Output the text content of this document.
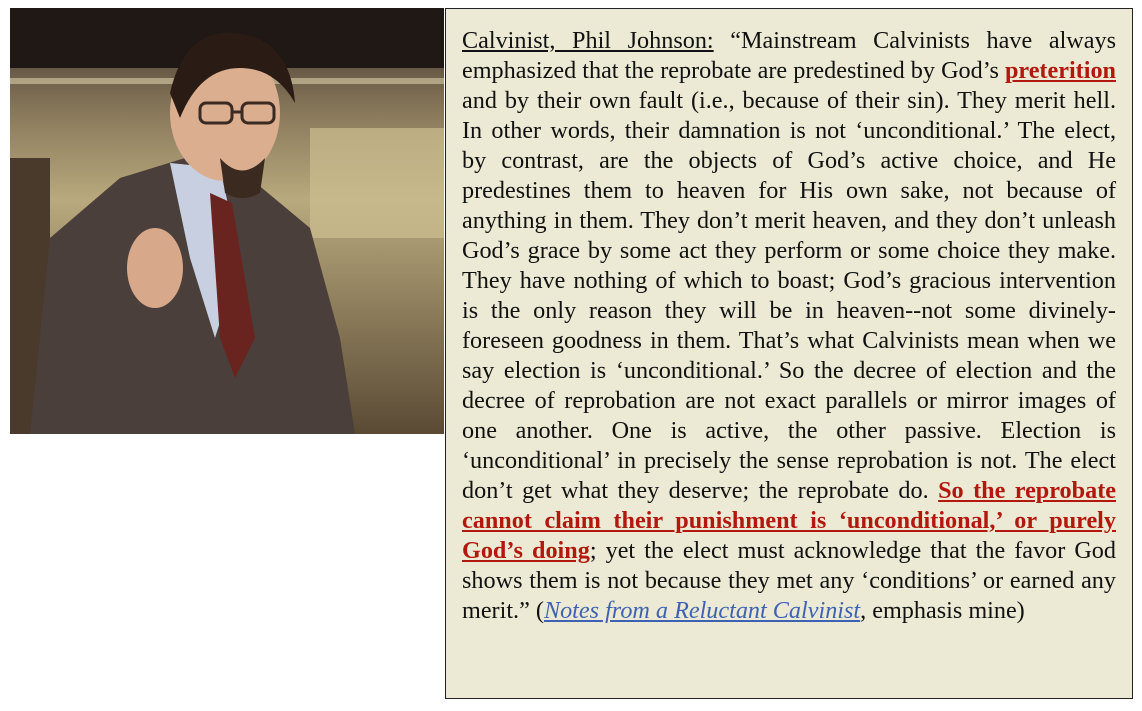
Calvinist, Phil Johnson: “Mainstream Calvinists have always emphasized that the reprobate are predestined by God’s preterition and by their own fault (i.e., because of their sin). They merit hell. In other words, their damnation is not ‘unconditional.’ The elect, by contrast, are the objects of God’s active choice, and He predestines them to heaven for His own sake, not because of anything in them. They don’t merit heaven, and they don’t unleash God’s grace by some act they perform or some choice they make. They have nothing of which to boast; God’s gracious intervention is the only reason they will be in heaven--not some divinely-foreseen goodness in them. That’s what Calvinists mean when we say election is ‘unconditional.’ So the decree of election and the decree of reprobation are not exact parallels or mirror images of one another. One is active, the other passive. Election is ‘unconditional’ in precisely the sense reprobation is not. The elect don’t get what they deserve; the reprobate do. So the reprobate cannot claim their punishment is ‘unconditional,’ or purely God’s doing; yet the elect must acknowledge that the favor God shows them is not because they met any ‘conditions’ or earned any merit.” (Notes from a Reluctant Calvinist, emphasis mine)
